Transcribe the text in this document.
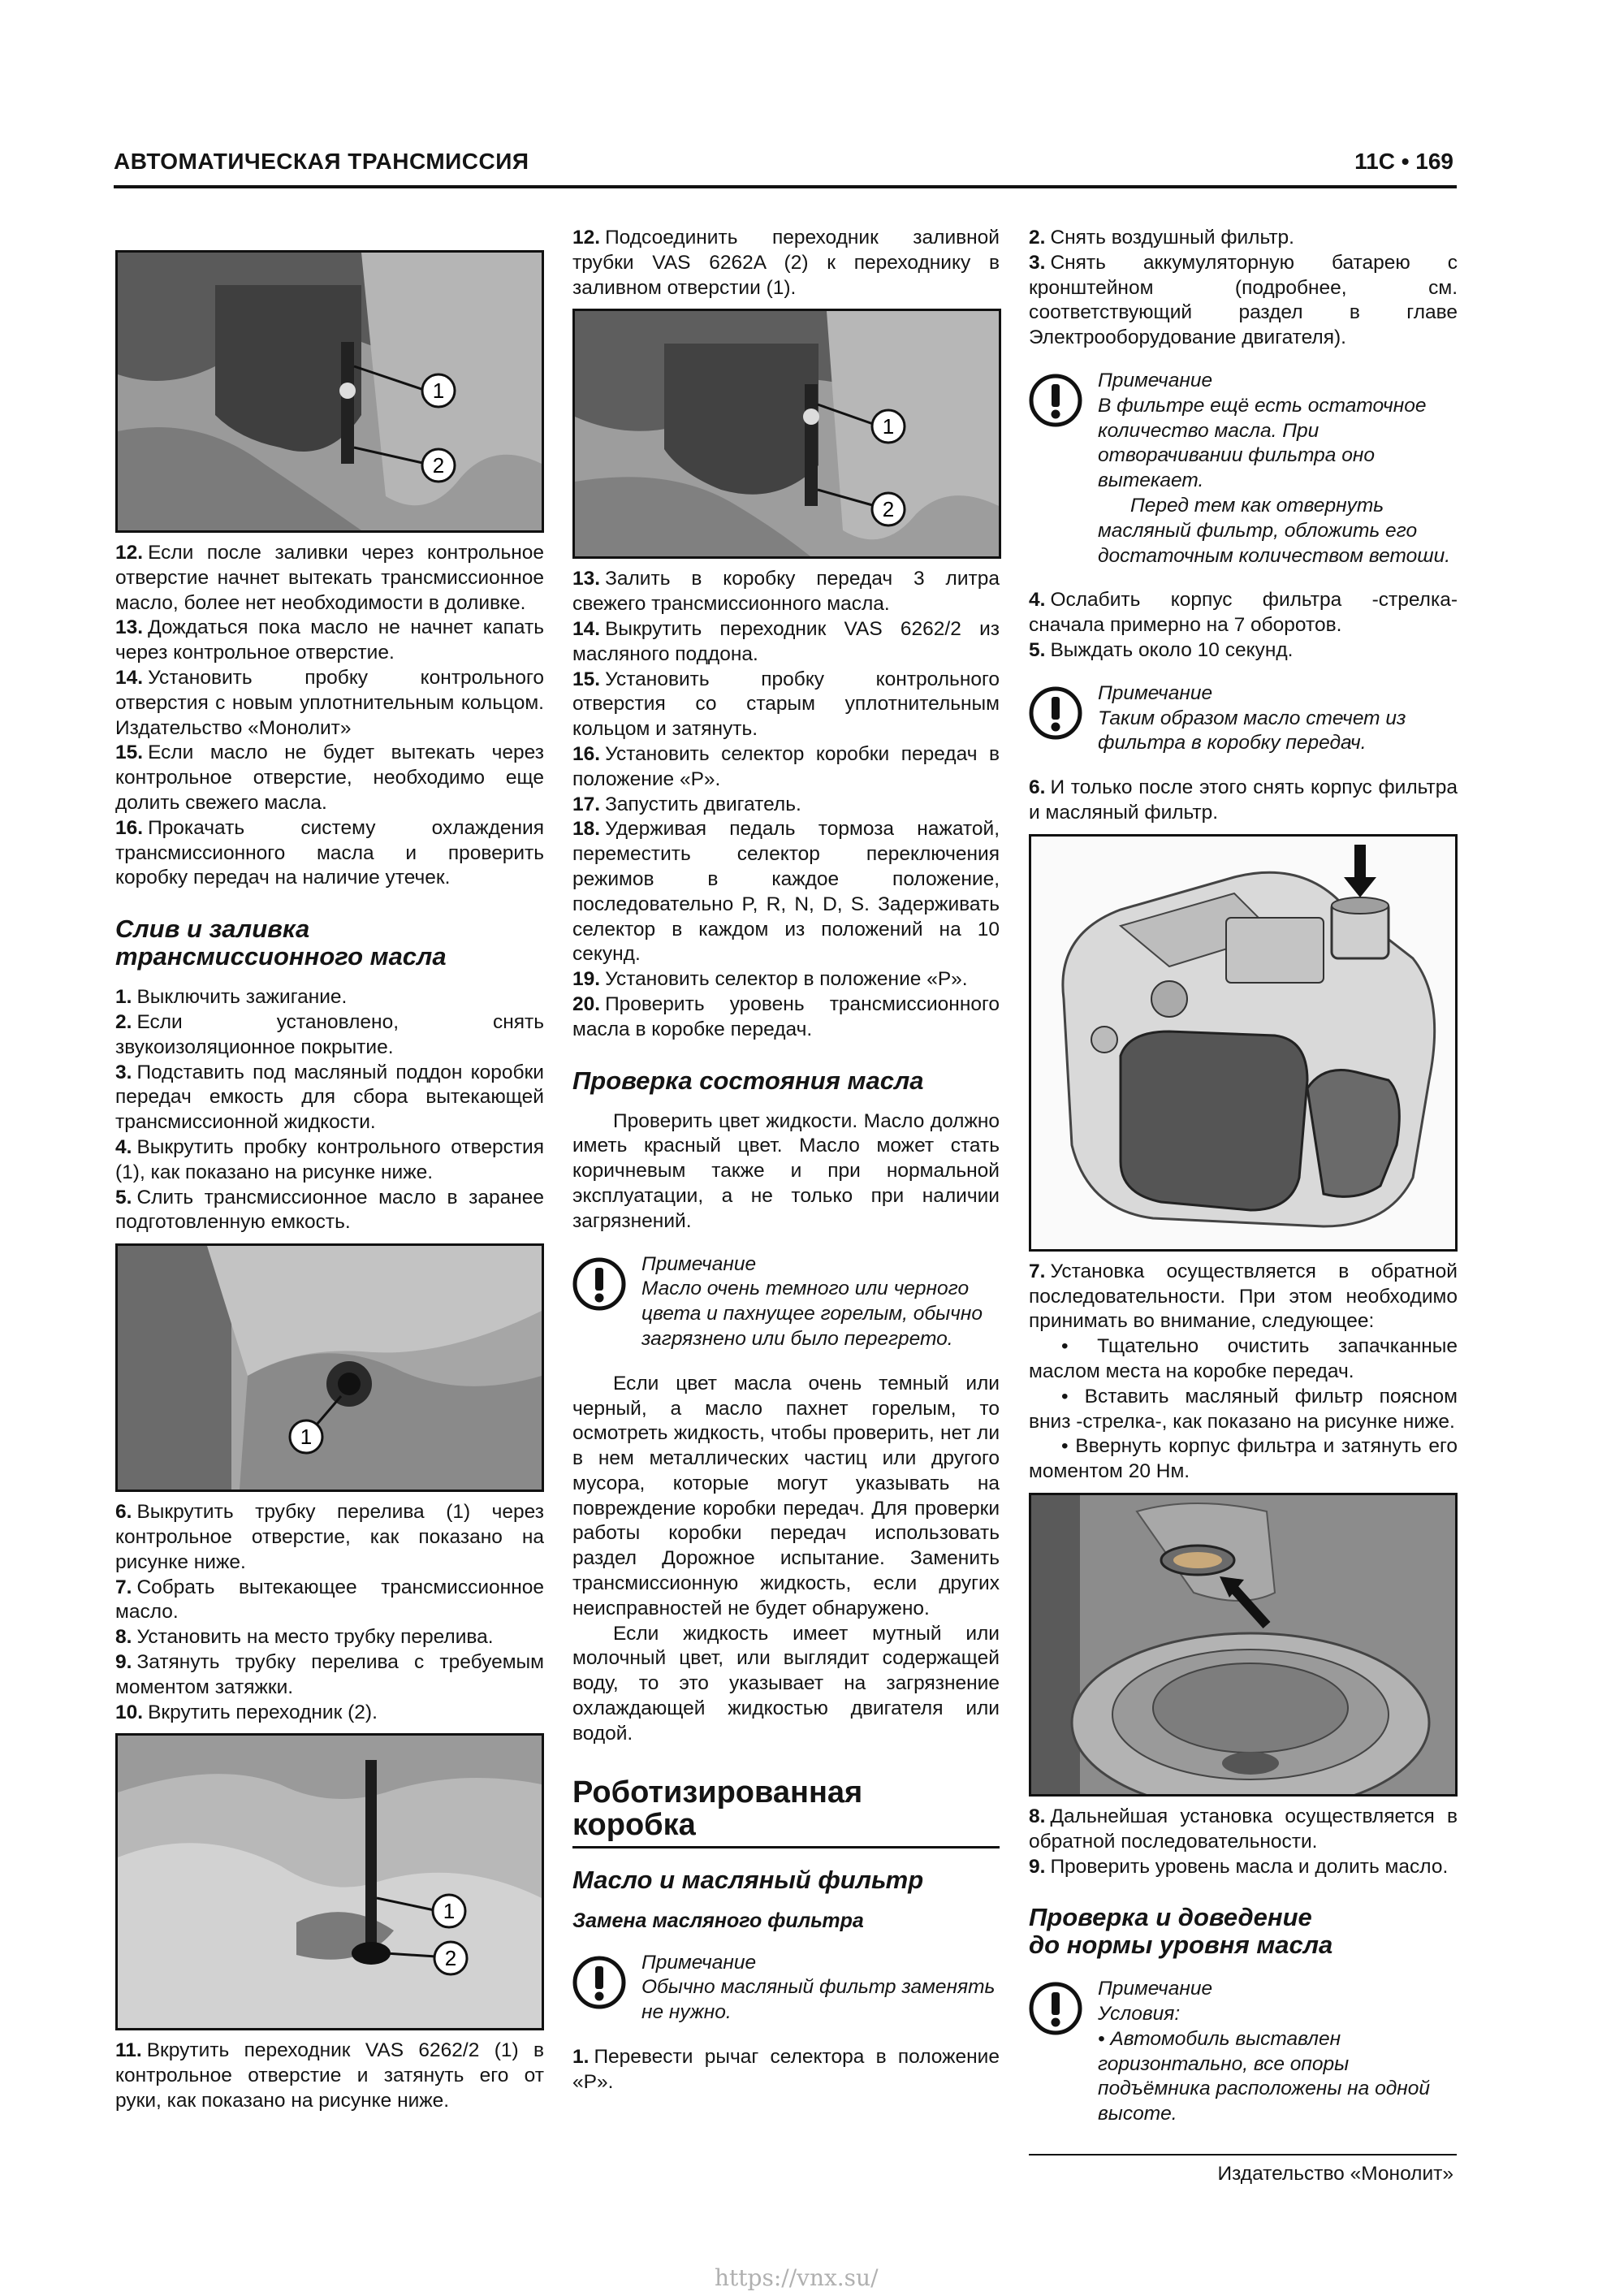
АВТОМАТИЧЕСКАЯ ТРАНСМИССИЯ	11C • 169
1
2

12. Если после заливки через контрольное отверстие начнет вытекать трансмиссионное масло, более нет необходимости в доливке.

13. Дождаться пока масло не начнет капать через контрольное отверстие.

14. Установить пробку контрольного отверстия с новым уплотнительным кольцом. Издательство «Монолит»

15. Если масло не будет вытекать через контрольное отверстие, необходимо еще долить свежего масла.

16. Прокачать систему охлаждения трансмиссионного масла и проверить коробку передач на наличие утечек.

Слив и заливка
трансмиссионного масла

1. Выключить зажигание.

2. Если установлено, снять звукоизоляционное покрытие.

3. Подставить под масляный поддон коробки передач емкость для сбора вытекающей трансмиссионной жидкости.

4. Выкрутить пробку контрольного отверстия (1), как показано на рисунке ниже.

5. Слить трансмиссионное масло в заранее подготовленную емкость.

1

6. Выкрутить трубку перелива (1) через контрольное отверстие, как показано на рисунке ниже.

7. Собрать вытекающее трансмиссионное масло.

8. Установить на место трубку перелива.

9. Затянуть трубку перелива с требуемым моментом затяжки.

10. Вкрутить переходник (2).

1
2

11. Вкрутить переходник VAS 6262/2 (1) в контрольное отверстие и затянуть его от руки, как показано на рисунке ниже.

12. Подсоединить переходник заливной трубки VAS 6262A (2) к переходнику в заливном отверстии (1).

1
2

13. Залить в коробку передач 3 литра свежего трансмиссионного масла.

14. Выкрутить переходник VAS 6262/2 из масляного поддона.

15. Установить пробку контрольного отверстия со старым уплотнительным кольцом и затянуть.

16. Установить селектор коробки передач в положение «P».

17. Запустить двигатель.

18. Удерживая педаль тормоза нажатой, переместить селектор переключения режимов в каждое положение, последовательно P, R, N, D, S. Задерживать селектор в каждом из положений на 10 секунд.

19. Установить селектор в положение «P».

20. Проверить уровень трансмиссионного масла в коробке передач.

Проверка состояния масла

Проверить цвет жидкости. Масло должно иметь красный цвет. Масло может стать коричневым также и при нормальной эксплуатации, а не только при наличии загрязнений.

Примечание
Масло очень темного или черного цвета и пахнущее горелым, обычно загрязнено или было перегрето.

Если цвет масла очень темный или черный, а масло пахнет горелым, то осмотреть жидкость, чтобы проверить, нет ли в нем металлических частиц или другого мусора, которые могут указывать на повреждение коробки передач. Для проверки работы коробки передач использовать раздел Дорожное испытание. Заменить трансмиссионную жидкость, если других неисправностей не будет обнаружено.

Если жидкость имеет мутный или молочный цвет, или выглядит содержащей воду, то это указывает на загрязнение охлаждающей жидкостью двигателя или водой.

Роботизированная
коробка
Масло и масляный фильтр
Замена масляного фильтра
Примечание
Обычно масляный фильтр заменять не нужно.

1. Перевести рычаг селектора в положение «P».

2. Снять воздушный фильтр.

3. Снять аккумуляторную батарею с кронштейном (подробнее, см. соответствующий раздел в главе Электрооборудование двигателя).

Примечание
В фильтре ещё есть остаточное количество масла. При отворачивании фильтра оно вытекает.
Перед тем как отвернуть масляный фильтр, обложить его достаточным количеством ветоши.

4. Ослабить корпус фильтра -стрелка- сначала примерно на 7 оборотов.

5. Выждать около 10 секунд.

Примечание
Таким образом масло стечет из фильтра в коробку передач.

6. И только после этого снять корпус фильтра и масляный фильтр.

7. Установка осуществляется в обратной последовательности. При этом необходимо принимать во внимание, следующее:

• Тщательно очистить запачканные маслом места на коробке передач.

• Вставить масляный фильтр поясном вниз -стрелка-, как показано на рисунке ниже.

• Ввернуть корпус фильтра и затянуть его моментом 20 Нм.

8. Дальнейшая установка осуществляется в обратной последовательности.

9. Проверить уровень масла и долить масло.

Проверка и доведение
до нормы уровня масла
Примечание
Условия:
• Автомобиль выставлен горизонтально, все опоры подъёмника расположены на одной высоте.
Издательство «Монолит»
https://vnx.su/
